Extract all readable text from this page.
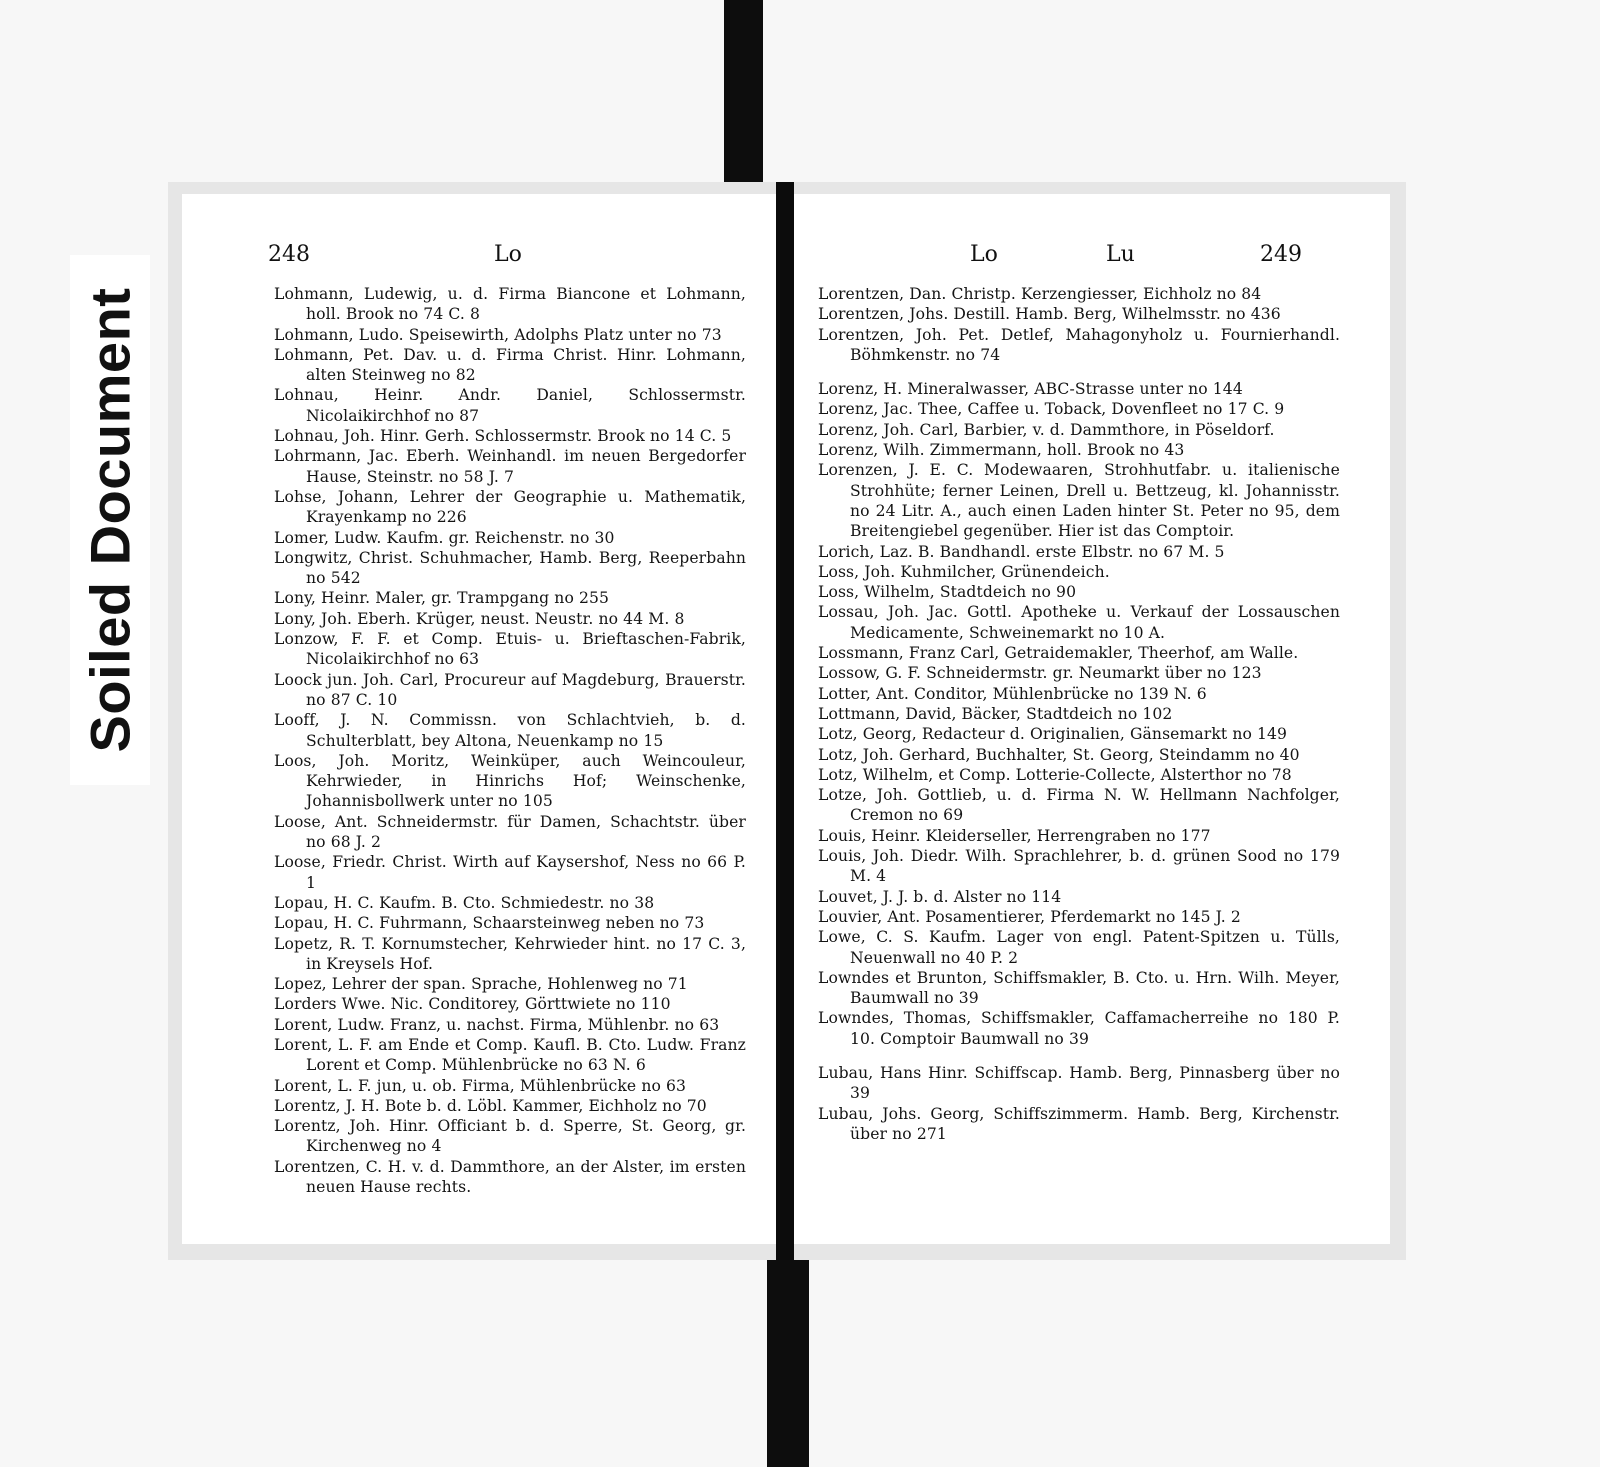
Soiled Document
248	Lo

Lohmann, Ludewig, u. d. Firma Biancone et Lohmann, holl. Brook no 74 C. 8

Lohmann, Ludo. Speisewirth, Adolphs Platz unter no 73

Lohmann, Pet. Dav. u. d. Firma Christ. Hinr. Lohmann, alten Steinweg no 82

Lohnau, Heinr. Andr. Daniel, Schlossermstr. Nicolaikirchhof no 87

Lohnau, Joh. Hinr. Gerh. Schlossermstr. Brook no 14 C. 5

Lohrmann, Jac. Eberh. Weinhandl. im neuen Bergedorfer Hause, Steinstr. no 58 J. 7

Lohse, Johann, Lehrer der Geographie u. Mathematik, Krayenkamp no 226

Lomer, Ludw. Kaufm. gr. Reichenstr. no 30

Longwitz, Christ. Schuhmacher, Hamb. Berg, Reeperbahn no 542

Lony, Heinr. Maler, gr. Trampgang no 255

Lony, Joh. Eberh. Krüger, neust. Neustr. no 44 M. 8

Lonzow, F. F. et Comp. Etuis- u. Brieftaschen-Fabrik, Nicolaikirchhof no 63

Loock jun. Joh. Carl, Procureur auf Magdeburg, Brauerstr. no 87 C. 10

Looff, J. N. Commissn. von Schlachtvieh, b. d. Schulterblatt, bey Altona, Neuenkamp no 15

Loos, Joh. Moritz, Weinküper, auch Weincouleur, Kehrwieder, in Hinrichs Hof; Weinschenke, Johannisbollwerk unter no 105

Loose, Ant. Schneidermstr. für Damen, Schachtstr. über no 68 J. 2

Loose, Friedr. Christ. Wirth auf Kaysershof, Ness no 66 P. 1

Lopau, H. C. Kaufm. B. Cto. Schmiedestr. no 38

Lopau, H. C. Fuhrmann, Schaarsteinweg neben no 73

Lopetz, R. T. Kornumstecher, Kehrwieder hint. no 17 C. 3, in Kreysels Hof.

Lopez, Lehrer der span. Sprache, Hohlenweg no 71

Lorders Wwe. Nic. Conditorey, Görttwiete no 110

Lorent, Ludw. Franz, u. nachst. Firma, Mühlenbr. no 63

Lorent, L. F. am Ende et Comp. Kaufl. B. Cto. Ludw. Franz Lorent et Comp. Mühlenbrücke no 63 N. 6

Lorent, L. F. jun, u. ob. Firma, Mühlenbrücke no 63

Lorentz, J. H. Bote b. d. Löbl. Kammer, Eichholz no 70

Lorentz, Joh. Hinr. Officiant b. d. Sperre, St. Georg, gr. Kirchenweg no 4

Lorentzen, C. H. v. d. Dammthore, an der Alster, im ersten neuen Hause rechts.

Lo	Lu	249

Lorentzen, Dan. Christp. Kerzengiesser, Eichholz no 84

Lorentzen, Johs. Destill. Hamb. Berg, Wilhelmsstr. no 436

Lorentzen, Joh. Pet. Detlef, Mahagonyholz u. Fournierhandl. Böhmkenstr. no 74

Lorenz, H. Mineralwasser, ABC-Strasse unter no 144

Lorenz, Jac. Thee, Caffee u. Toback, Dovenfleet no 17 C. 9

Lorenz, Joh. Carl, Barbier, v. d. Dammthore, in Pöseldorf.

Lorenz, Wilh. Zimmermann, holl. Brook no 43

Lorenzen, J. E. C. Modewaaren, Strohhutfabr. u. italienische Strohhüte; ferner Leinen, Drell u. Bettzeug, kl. Johannisstr. no 24 Litr. A., auch einen Laden hinter St. Peter no 95, dem Breitengiebel gegenüber. Hier ist das Comptoir.

Lorich, Laz. B. Bandhandl. erste Elbstr. no 67 M. 5

Loss, Joh. Kuhmilcher, Grünendeich.

Loss, Wilhelm, Stadtdeich no 90

Lossau, Joh. Jac. Gottl. Apotheke u. Verkauf der Lossauschen Medicamente, Schweinemarkt no 10 A.

Lossmann, Franz Carl, Getraidemakler, Theerhof, am Walle.

Lossow, G. F. Schneidermstr. gr. Neumarkt über no 123

Lotter, Ant. Conditor, Mühlenbrücke no 139 N. 6

Lottmann, David, Bäcker, Stadtdeich no 102

Lotz, Georg, Redacteur d. Originalien, Gänsemarkt no 149

Lotz, Joh. Gerhard, Buchhalter, St. Georg, Steindamm no 40

Lotz, Wilhelm, et Comp. Lotterie-Collecte, Alsterthor no 78

Lotze, Joh. Gottlieb, u. d. Firma N. W. Hellmann Nachfolger, Cremon no 69

Louis, Heinr. Kleiderseller, Herrengraben no 177

Louis, Joh. Diedr. Wilh. Sprachlehrer, b. d. grünen Sood no 179 M. 4

Louvet, J. J. b. d. Alster no 114

Louvier, Ant. Posamentierer, Pferdemarkt no 145 J. 2

Lowe, C. S. Kaufm. Lager von engl. Patent-Spitzen u. Tülls, Neuenwall no 40 P. 2

Lowndes et Brunton, Schiffsmakler, B. Cto. u. Hrn. Wilh. Meyer, Baumwall no 39

Lowndes, Thomas, Schiffsmakler, Caffamacherreihe no 180 P. 10. Comptoir Baumwall no 39

Lubau, Hans Hinr. Schiffscap. Hamb. Berg, Pinnasberg über no 39

Lubau, Johs. Georg, Schiffszimmerm. Hamb. Berg, Kirchenstr. über no 271
